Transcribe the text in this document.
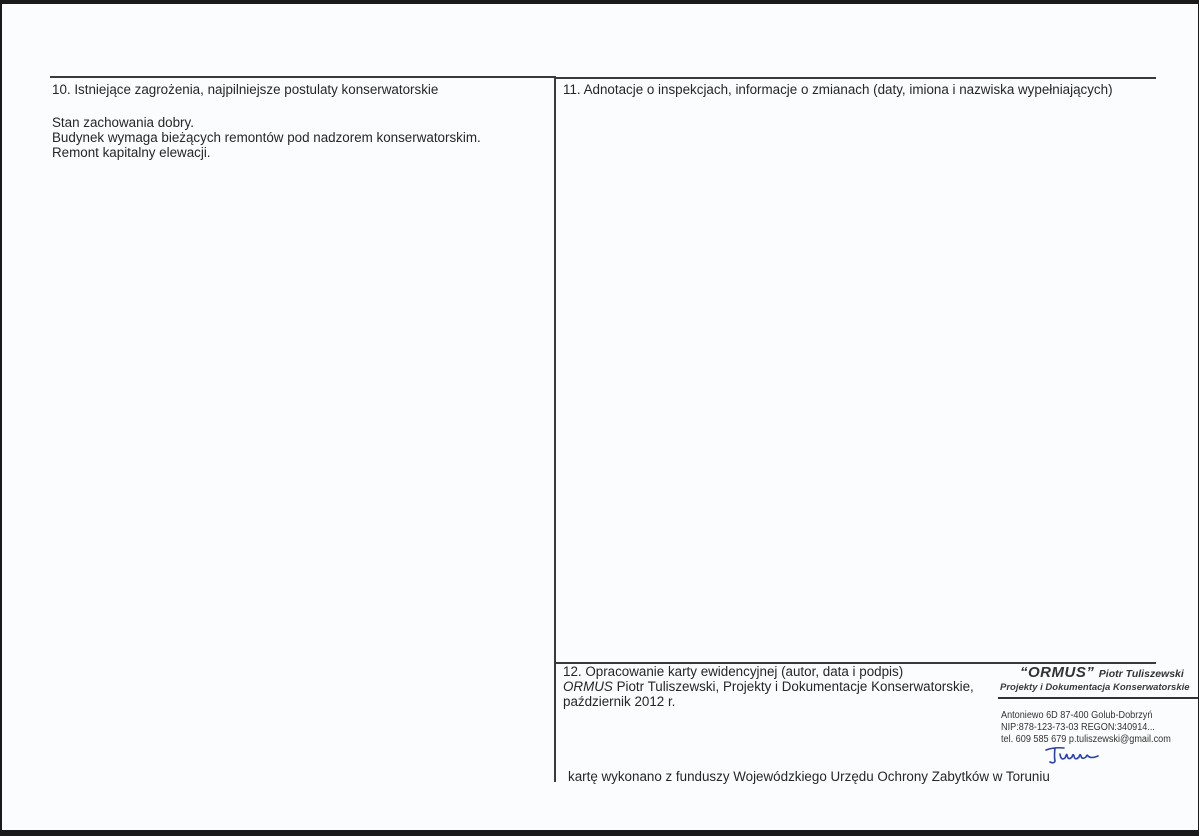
10. Istniejące zagrożenia, najpilniejsze postulaty konserwatorskie
Stan zachowania dobry.
Budynek wymaga bieżących remontów pod nadzorem konserwatorskim.
Remont kapitalny elewacji.
11. Adnotacje o inspekcjach, informacje o zmianach (daty, imiona i nazwiska wypełniających)
12. Opracowanie karty ewidencyjnej (autor, data i podpis)
ORMUS Piotr Tuliszewski, Projekty i Dokumentacje Konserwatorskie,
październik 2012 r.
“ORMUS” Piotr Tuliszewski
Projekty i Dokumentacja Konserwatorskie
Antoniewo 6D 87-400 Golub-Dobrzyń
NIP:878-123-73-03 REGON:340914...
tel. 609 585 679 p.tuliszewski@gmail.com
kartę wykonano z funduszy Wojewódzkiego Urzędu Ochrony Zabytków w Toruniu
